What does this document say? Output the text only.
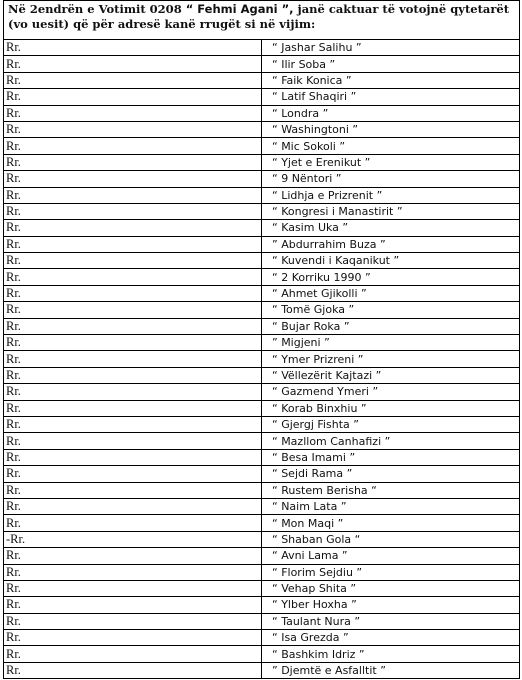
Në 2endrën e Votimit 0208 “ Fehmi Agani ”, janë caktuar të votojnë qytetarët
(vo uesit) që për adresë kanë rrugët si në vijim:	
Rr.	“ Jashar Salihu ”
Rr.	“ Ilir Soba ”
Rr.	“ Faik Konica ”
Rr.	“ Latif Shaqiri ”
Rr.	“ Londra ”
Rr.	“ Washingtoni ”
Rr.	“ Mic Sokoli ”
Rr.	“ Yjet e Erenikut ”
Rr.	“ 9 Nëntori ”
Rr.	“ Lidhja e Prizrenit ”
Rr.	“ Kongresi i Manastirit ”
Rr.	“ Kasim Uka ”
Rr.	” Abdurrahim Buza ”
Rr.	“ Kuvendi i Kaqanikut ”
Rr.	“ 2 Korriku 1990 ”
Rr.	“ Ahmet Gjikolli ”
Rr.	“ Tomë Gjoka ”
Rr.	“ Bujar Roka ”
Rr.	” Migjeni ”
Rr.	“ Ymer Prizreni ”
Rr.	“ Vëllezërit Kajtazi ”
Rr.	“ Gazmend Ymeri ”
Rr.	“ Korab Binxhiu ”
Rr.	“ Gjergj Fishta ”
Rr.	“ Mazllom Canhafizi ”
Rr.	“ Besa Imami ”
Rr.	“ Sejdi Rama ”
Rr.	“ Rustem Berisha “
Rr.	“ Naim Lata ”
Rr.	“ Mon Maqi ”
-Rr.	“ Shaban Gola “
Rr.	“ Avni Lama ”
Rr.	“ Florim Sejdiu ”
Rr.	“ Vehap Shita ”
Rr.	“ Ylber Hoxha ”
Rr.	“ Taulant Nura ”
Rr.	“ Isa Grezda ”
Rr.	“ Bashkim Idriz ”
Rr.	” Djemtë e Asfalltit ”
